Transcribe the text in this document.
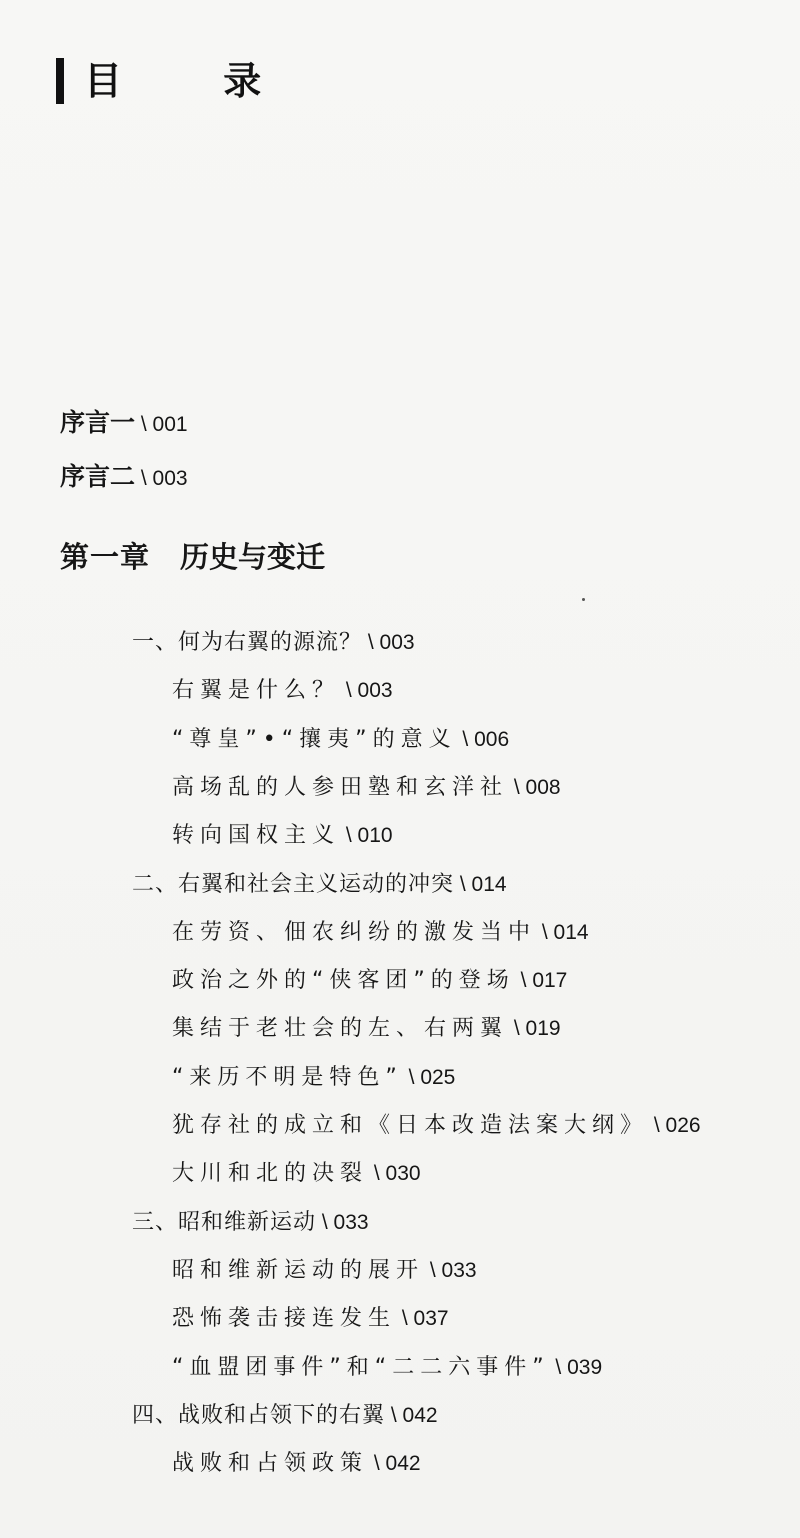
目 录
序言一 \ 001
序言二 \ 003
第一章 历史与变迁
一、何为右翼的源流？ \ 003
右翼是什么？ \ 003
“尊皇”•“攘夷”的意义 \ 006
高场乱的人参田塾和玄洋社 \ 008
转向国权主义 \ 010
二、右翼和社会主义运动的冲突 \ 014
在劳资、佃农纠纷的激发当中 \ 014
政治之外的“侠客团”的登场 \ 017
集结于老壮会的左、右两翼 \ 019
“来历不明是特色” \ 025
犹存社的成立和《日本改造法案大纲》 \ 026
大川和北的决裂 \ 030
三、昭和维新运动 \ 033
昭和维新运动的展开 \ 033
恐怖袭击接连发生 \ 037
“血盟团事件”和“二二六事件” \ 039
四、战败和占领下的右翼 \ 042
战败和占领政策 \ 042
